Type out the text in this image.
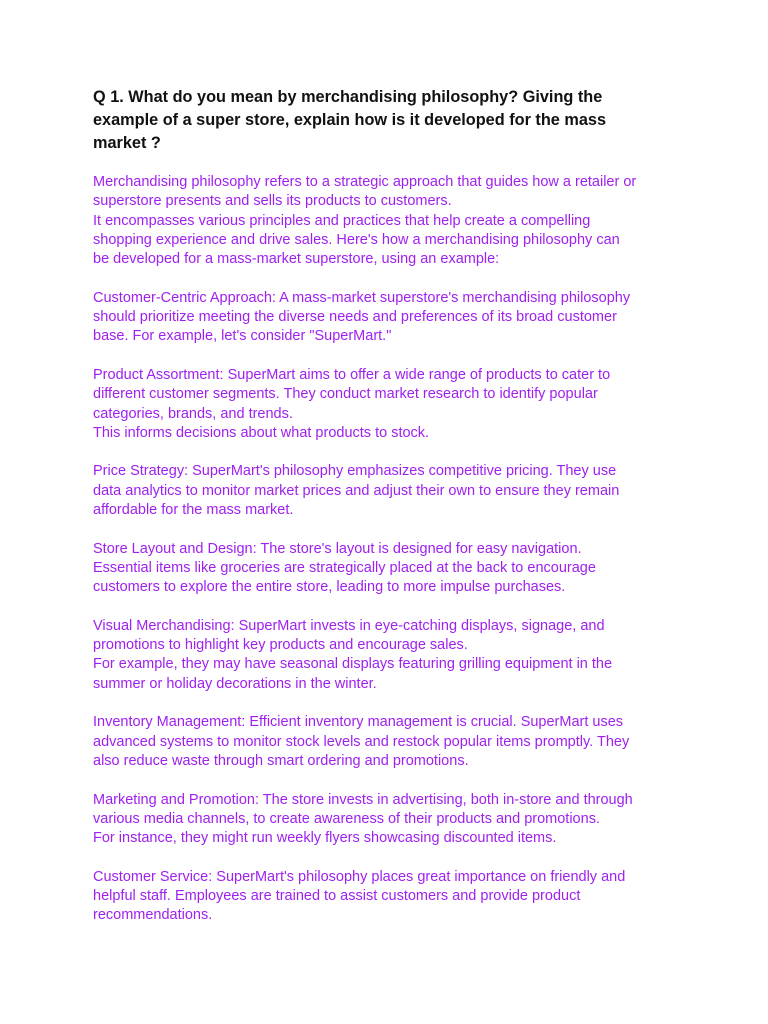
Q 1. What do you mean by merchandising philosophy? Giving the
example of a super store, explain how is it developed for the mass
market ?

Merchandising philosophy refers to a strategic approach that guides how a retailer or
superstore presents and sells its products to customers.
It encompasses various principles and practices that help create a compelling
shopping experience and drive sales. Here's how a merchandising philosophy can
be developed for a mass-market superstore, using an example:

Customer-Centric Approach: A mass-market superstore's merchandising philosophy
should prioritize meeting the diverse needs and preferences of its broad customer
base. For example, let's consider "SuperMart."

Product Assortment: SuperMart aims to offer a wide range of products to cater to
different customer segments. They conduct market research to identify popular
categories, brands, and trends.
This informs decisions about what products to stock.

Price Strategy: SuperMart's philosophy emphasizes competitive pricing. They use
data analytics to monitor market prices and adjust their own to ensure they remain
affordable for the mass market.

Store Layout and Design: The store's layout is designed for easy navigation.
Essential items like groceries are strategically placed at the back to encourage
customers to explore the entire store, leading to more impulse purchases.

Visual Merchandising: SuperMart invests in eye-catching displays, signage, and
promotions to highlight key products and encourage sales.
For example, they may have seasonal displays featuring grilling equipment in the
summer or holiday decorations in the winter.

Inventory Management: Efficient inventory management is crucial. SuperMart uses
advanced systems to monitor stock levels and restock popular items promptly. They
also reduce waste through smart ordering and promotions.

Marketing and Promotion: The store invests in advertising, both in-store and through
various media channels, to create awareness of their products and promotions.
For instance, they might run weekly flyers showcasing discounted items.

Customer Service: SuperMart's philosophy places great importance on friendly and
helpful staff. Employees are trained to assist customers and provide product
recommendations.
